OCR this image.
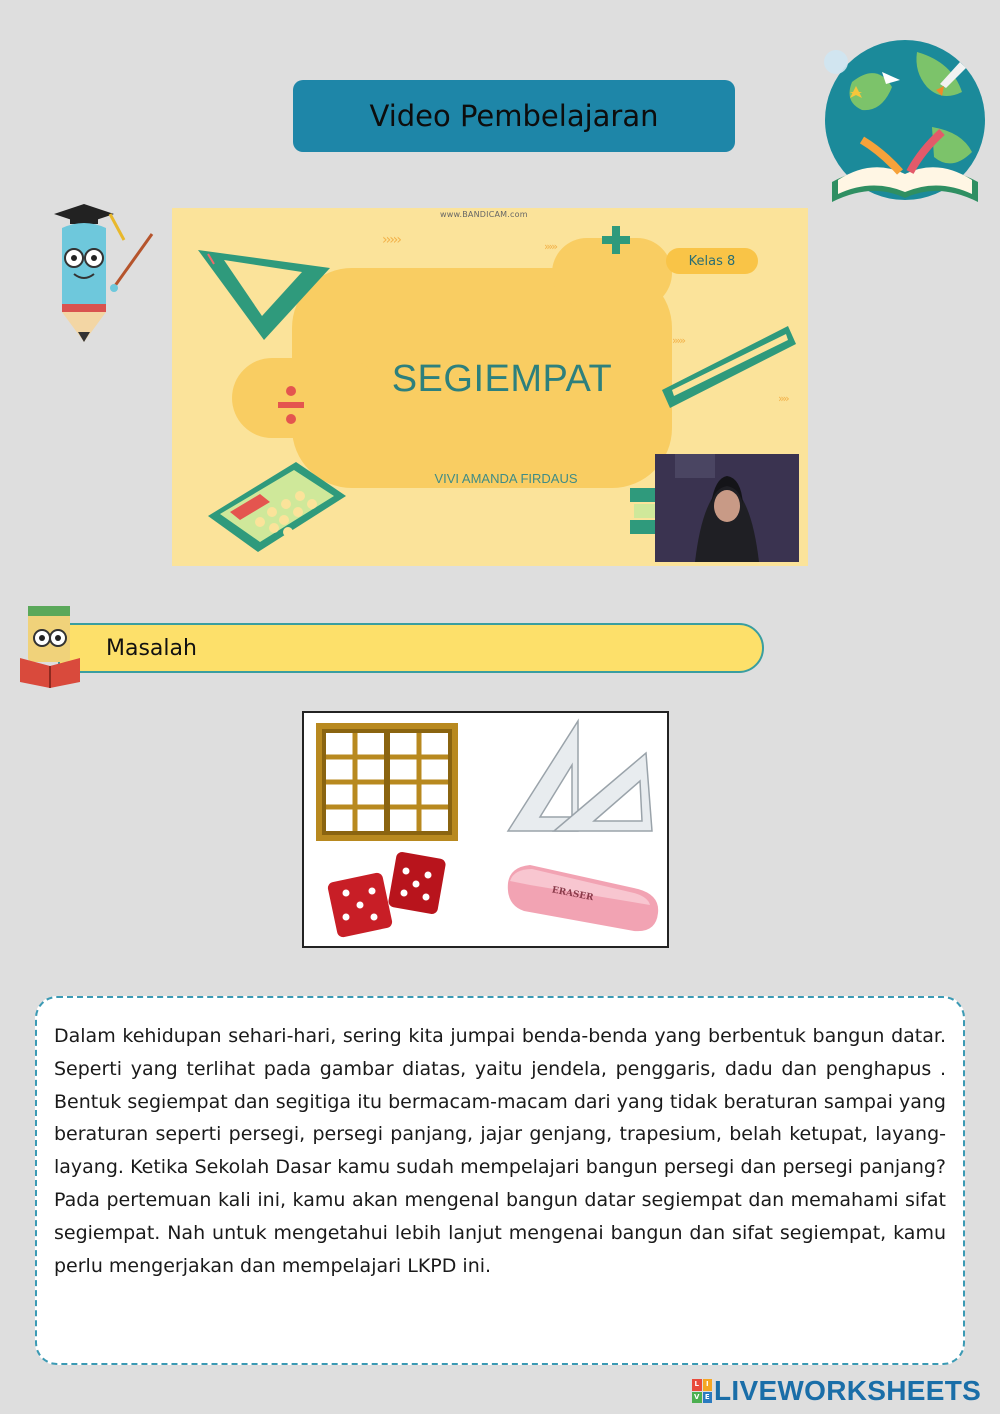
Video Pembelajaran
www.BANDICAM.com
›››››	›››››
›››››
››››
Kelas 8
SEGIEMPAT
VIVI AMANDA FIRDAUS
Masalah
ERASER

Dalam kehidupan sehari-hari, sering kita jumpai benda-benda yang berbentuk bangun datar. Seperti yang terlihat pada gambar diatas, yaitu jendela, penggaris, dadu dan penghapus . Bentuk segiempat dan segitiga itu bermacam-macam dari yang tidak beraturan sampai yang beraturan seperti persegi, persegi panjang, jajar genjang, trapesium, belah ketupat, layang-layang. Ketika Sekolah Dasar kamu sudah mempelajari bangun persegi dan persegi panjang? Pada pertemuan kali ini, kamu akan mengenal bangun datar segiempat dan memahami sifat segiempat. Nah untuk mengetahui lebih lanjut mengenai bangun dan sifat segiempat, kamu perlu mengerjakan dan mempelajari LKPD ini.

L I
V E LIVEWORKSHEETS
